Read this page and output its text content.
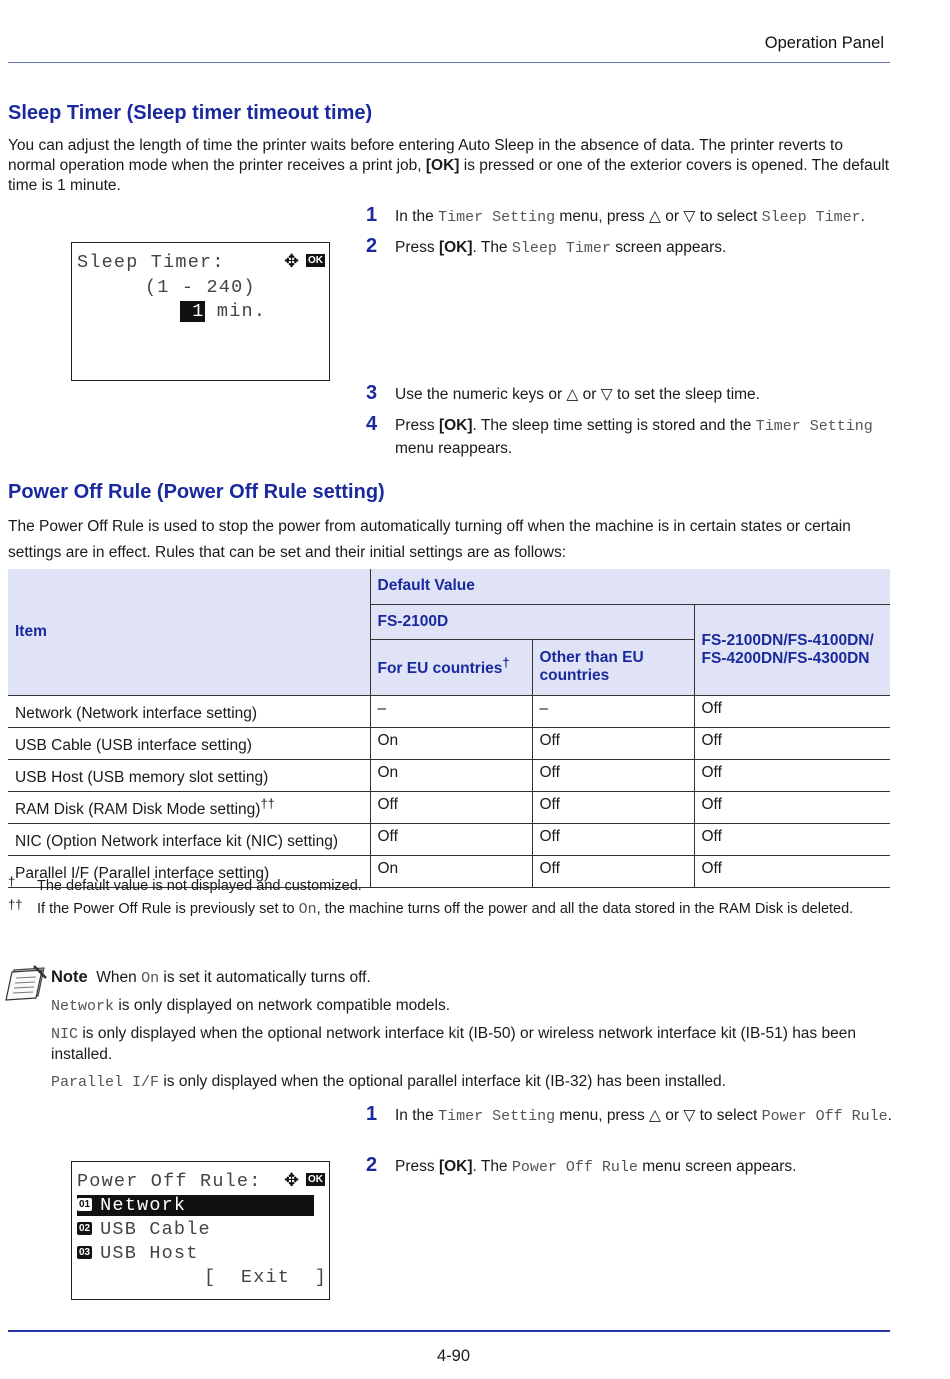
Operation Panel
Sleep Timer (Sleep timer timeout time)
You can adjust the length of time the printer waits before entering Auto Sleep in the absence of data. The printer reverts to normal operation mode when the printer receives a print job, [OK] is pressed or one of the exterior covers is opened. The default time is 1 minute.
Sleep Timer:	✥ OK
(1 - 240)
1 min.
1 In the Timer Setting menu, press △ or ▽ to select Sleep Timer.
2 Press [OK]. The Sleep Timer screen appears.
3 Use the numeric keys or △ or ▽ to set the sleep time.
4 Press [OK]. The sleep time setting is stored and the Timer Setting menu reappears.
Power Off Rule (Power Off Rule setting)
The Power Off Rule is used to stop the power from automatically turning off when the machine is in certain states or certain settings are in effect. Rules that can be set and their initial settings are as follows:
Item	Default Value		
	FS-2100D		FS-2100DN/FS-4100DN/ FS-4200DN/FS-4300DN
	For EU countries†	Other than EU countries	
Network (Network interface setting)	–	–	Off
USB Cable (USB interface setting)	On	Off	Off
USB Host (USB memory slot setting)	On	Off	Off
RAM Disk (RAM Disk Mode setting)††	Off	Off	Off
NIC (Option Network interface kit (NIC) setting)	Off	Off	Off
Parallel I/F (Parallel interface setting)	On	Off	Off
† The default value is not displayed and customized.
†† If the Power Off Rule is previously set to On, the machine turns off the power and all the data stored in the RAM Disk is deleted.
Note When On is set it automatically turns off.
Network is only displayed on network compatible models.
NIC is only displayed when the optional network interface kit (IB-50) or wireless network interface kit (IB-51) has been installed.
Parallel I/F is only displayed when the optional parallel interface kit (IB-32) has been installed.
Power Off Rule: ✥ OK
01 Network
02 USB Cable
03 USB Host
[  Exit  ]
1 In the Timer Setting menu, press △ or ▽ to select Power Off Rule.
2 Press [OK]. The Power Off Rule menu screen appears.
4-90
